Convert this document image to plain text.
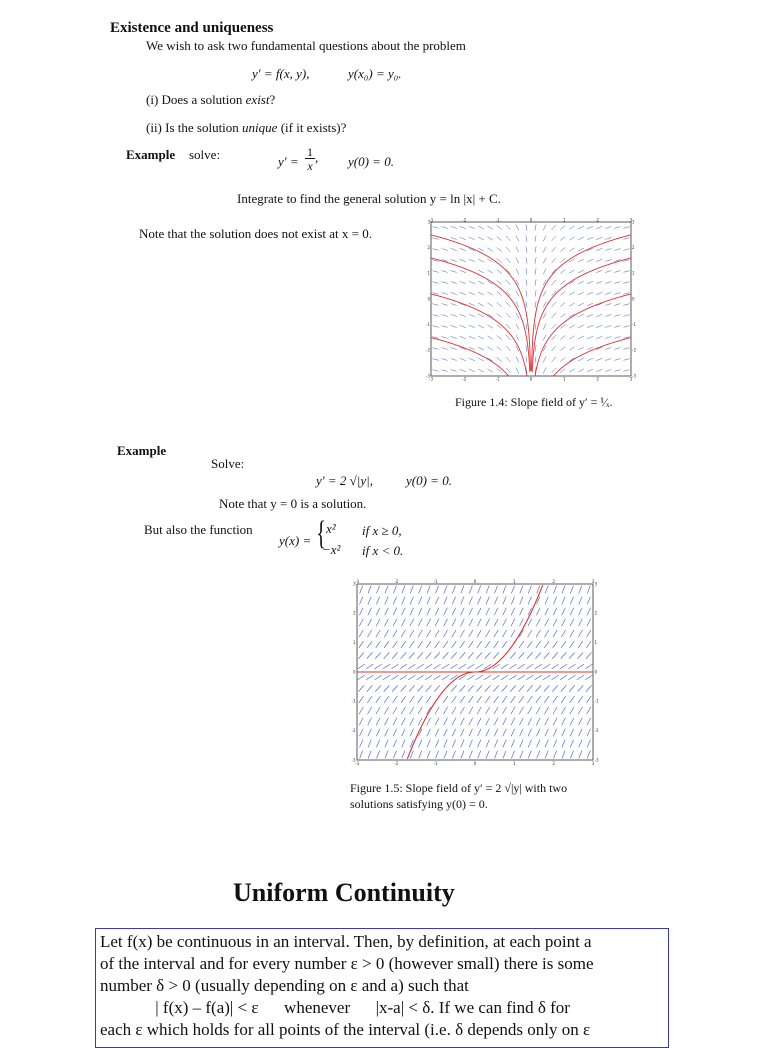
Existence and uniqueness
We wish to ask two fundamental questions about the problem
y′ = f(x, y),	y(x₀) = y₀.
(i) Does a solution exist?
(ii) Is the solution unique (if it exists)?
Example solve:	$y' = \frac{1}{x}$ , y(0) = 0.
Integrate to find the general solution y = ln |x| + C.
Note that the solution does not exist at x = 0.
-3
-3
-2
-2
-1
-1
0
0
1
1
2
2
3
3
3	3
2	2
1	1
0	0
-1	-1
-2	-2
-3	-3
Figure 1.4: Slope field of y′ = ¹⁄ₓ.
Example
Solve:
y′ = 2 √|y|,	y(0) = 0.
Note that y = 0 is a solution.
But also the function
y(x) = { x² if x ≥ 0,
−x² if x < 0.
-3
-3
-2
-2
-1
-1
0
0
1
1
2
2
3
3
3	3
2	2
1	1
0	0
-1	-1
-2	-2
-3	-3
Figure 1.5: Slope field of y′ = 2 √|y| with two
solutions satisfying y(0) = 0.
Uniform Continuity
Let f(x) be continuous in an interval. Then, by definition, at each point a
of the interval and for every number ε > 0 (however small) there is some
number δ > 0 (usually depending on ε and a) such that
| f(x) – f(a)| < ε      whenever      |x-a| < δ. If we can find δ for
each ε which holds for all points of the interval (i.e. δ depends only on ε
